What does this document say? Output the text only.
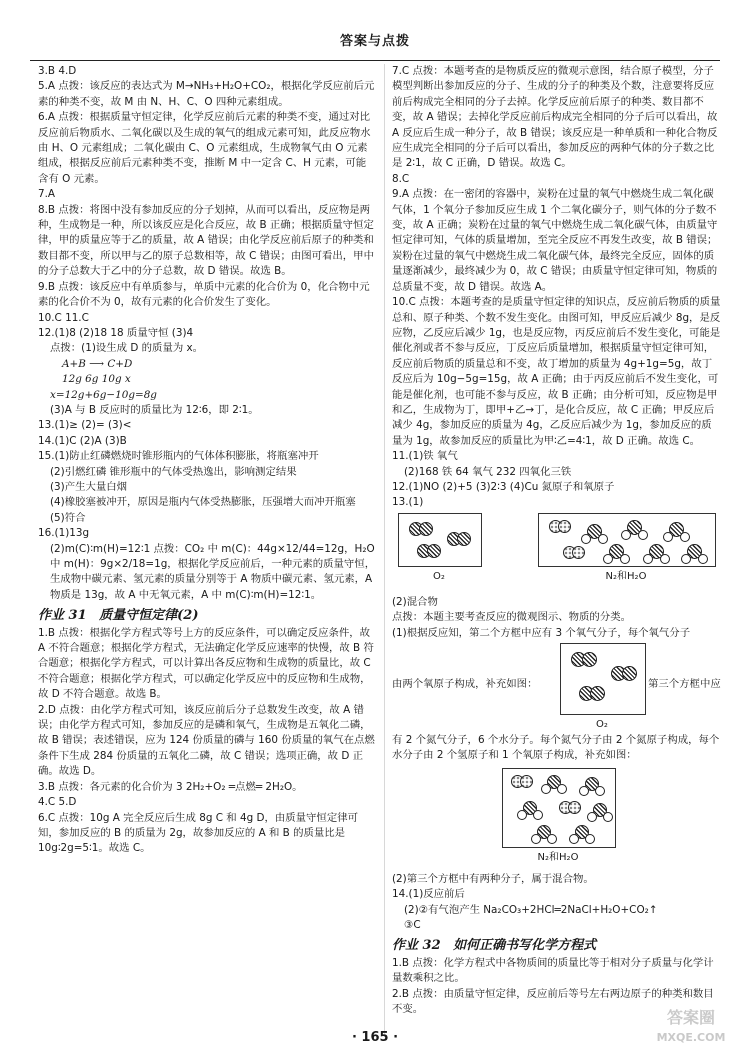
答案与点拨

3.B 4.D

5.A 点拨：该反应的表达式为 M→NH₃+H₂O+CO₂，根据化学反应前后元素的种类不变，故 M 由 N、H、C、O 四种元素组成。

6.A 点拨：根据质量守恒定律，化学反应前后元素的种类不变，通过对比反应前后物质水、二氧化碳以及生成的氧气的组成元素可知，此反应物水由 H、O 元素组成；二氧化碳由 C、O 元素组成，生成物氧气由 O 元素组成，根据反应前后元素种类不变，推断 M 中一定含 C、H 元素，可能含有 O 元素。

7.A

8.B 点拨：将图中没有参加反应的分子划掉，从而可以看出，反应物是两种，生成物是一种，所以该反应是化合反应，故 B 正确；根据质量守恒定律，甲的质量应等于乙的质量，故 A 错误；由化学反应前后原子的种类和数目都不变，所以甲与乙的原子总数相等，故 C 错误；由图可看出，甲中的分子总数大于乙中的分子总数，故 D 错误。故选 B。

9.B 点拨：该反应中有单质参与，单质中元素的化合价为 0，化合物中元素的化合价不为 0，故有元素的化合价发生了变化。

10.C 11.C

12.(1)8 (2)18 18 质量守恒 (3)4

点拨：(1)设生成 D 的质量为 x。

A+B ⟶ C+D

12g 6g 10g x

x=12g+6g−10g=8g

(3)A 与 B 反应时的质量比为 12∶6，即 2∶1。

13.(1)≥ (2)= (3)<

14.(1)C (2)A (3)B

15.(1)防止红磷燃烧时锥形瓶内的气体体积膨胀，将瓶塞冲开

(2)引燃红磷 锥形瓶中的气体受热逸出，影响测定结果

(3)产生大量白烟

(4)橡胶塞被冲开，原因是瓶内气体受热膨胀，压强增大而冲开瓶塞

(5)符合

16.(1)13g

(2)m(C)∶m(H)=12∶1 点拨：CO₂ 中 m(C)：44g×12/44=12g，H₂O 中 m(H)：9g×2/18=1g，根据化学反应前后，一种元素的质量守恒，生成物中碳元素、氢元素的质量分别等于 A 物质中碳元素、氢元素，A 物质是 13g，故 A 中无氧元素，A 中 m(C)∶m(H)=12∶1。

作业 31 质量守恒定律(2)

1.B 点拨：根据化学方程式等号上方的反应条件，可以确定反应条件，故 A 不符合题意；根据化学方程式，无法确定化学反应速率的快慢，故 B 符合题意；根据化学方程式，可以计算出各反应物和生成物的质量比，故 C 不符合题意；根据化学方程式，可以确定化学反应中的反应物和生成物，故 D 不符合题意。故选 B。

2.D 点拨：由化学方程式可知，该反应前后分子总数发生改变，故 A 错误；由化学方程式可知，参加反应的是磷和氧气，生成物是五氧化二磷，故 B 错误；表述错误，应为 124 份质量的磷与 160 份质量的氧气在点燃条件下生成 284 份质量的五氧化二磷，故 C 错误；选项正确，故 D 正确。故选 D。

3.B 点拨：各元素的化合价为 3 2H₂+O₂ ═点燃═ 2H₂O。

4.C 5.D

6.C 点拨：10g A 完全反应后生成 8g C 和 4g D，由质量守恒定律可知，参加反应的 B 的质量为 2g，故参加反应的 A 和 B 的质量比是 10g∶2g=5∶1。故选 C。

7.C 点拨：本题考查的是物质反应的微观示意图，结合原子模型，分子模型判断出参加反应的分子、生成的分子的种类及个数，注意要将反应前后构成完全相同的分子去掉。化学反应前后原子的种类、数目都不变，故 A 错误；去掉化学反应前后构成完全相同的分子后可以看出，故 A 反应后生成一种分子，故 B 错误；该反应是一种单质和一种化合物反应生成完全相同的分子后可以看出，参加反应的两种气体的分子数之比是 2∶1，故 C 正确，D 错误。故选 C。

8.C

9.A 点拨：在一密闭的容器中，炭粉在过量的氧气中燃烧生成二氧化碳气体，1 个氧分子参加反应生成 1 个二氧化碳分子，则气体的分子数不变，故 A 正确；炭粉在过量的氧气中燃烧生成二氧化碳气体，由质量守恒定律可知，气体的质量增加，至完全反应不再发生改变，故 B 错误；炭粉在过量的氧气中燃烧生成二氧化碳气体，最终完全反应，固体的质量逐渐减少，最终减少为 0，故 C 错误；由质量守恒定律可知，物质的总质量不变，故 D 错误。故选 A。

10.C 点拨：本题考查的是质量守恒定律的知识点，反应前后物质的质量总和、原子种类、个数不发生变化。由图可知，甲反应后减少 8g，是反应物，乙反应后减少 1g，也是反应物，丙反应前后不发生变化，可能是催化剂或者不参与反应，丁反应后质量增加，根据质量守恒定律可知，反应前后物质的质量总和不变，故丁增加的质量为 4g+1g=5g，故丁反应后为 10g−5g=15g，故 A 正确；由于丙反应前后不发生变化，可能是催化剂，也可能不参与反应，故 B 正确；由分析可知，反应物是甲和乙，生成物为丁，即甲+乙→丁，是化合反应，故 C 正确；甲反应后减少 4g，参加反应的质量为 4g，乙反应后减少为 1g，参加反应的质量为 1g，故参加反应的质量比为甲∶乙=4∶1，故 D 正确。故选 C。

11.(1)铁 氧气

(2)168 铁 64 氧气 232 四氧化三铁

12.(1)NO (2)+5 (3)2∶3 (4)Cu 氮原子和氧原子

13.(1)

O₂	N₂和H₂O

(2)混合物

点拨：本题主要考查反应的微观图示、物质的分类。

(1)根据反应知，第二个方框中应有 3 个氧气分子，每个氧气分子

由两个氧原子构成，补充如图：
O₂
第三个方框中应

有 2 个氮气分子，6 个水分子。每个氮气分子由 2 个氮原子构成，每个水分子由 2 个氢原子和 1 个氧原子构成，补充如图：

N₂和H₂O

(2)第三个方框中有两种分子，属于混合物。

14.(1)反应前后

(2)②有气泡产生 Na₂CO₃+2HCl═2NaCl+H₂O+CO₂↑

③C

作业 32 如何正确书写化学方程式

1.B 点拨：化学方程式中各物质间的质量比等于相对分子质量与化学计量数乘积之比。

2.B 点拨：由质量守恒定律，反应前后等号左右两边原子的种类和数目不变。

· 165 ·
答案圈
MXQE.COM
